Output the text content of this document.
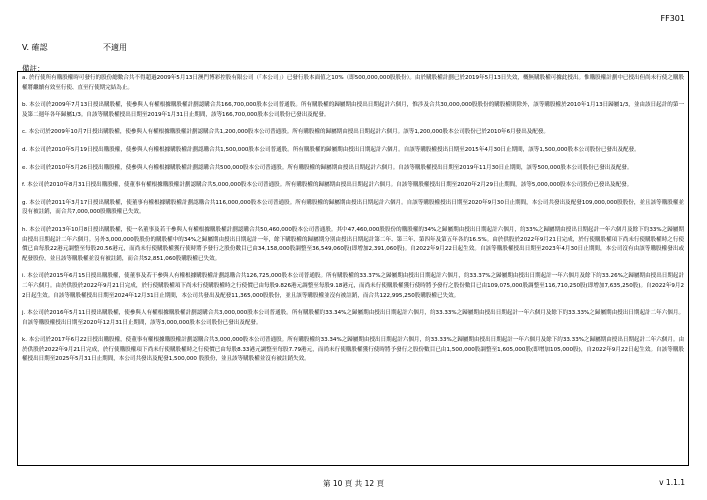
FF301
V. 確認	不適用
備註：

a. 於行使所有購股權時可發行的股份總數合共不得超過2009年5月13日澳門博彩控股有限公司（「本公司」）已發行股本面值之10%（即500,000,000股股份）。由於購股權計劃已於2019年5月13日失效，概無購股權可據此授出。惟購股權計劃中已授出但尚未行使之購股權將繼續有效至行使、直至行使期完結為止。

b. 本公司於2009年7月13日授出購股權，使參與人有權根據購股權計劃認購合共166,700,000股本公司普通股。所有購股權的歸屬期由授出日期起計六個月，惟涉及合共30,000,000股股份的購股權則除外，該等購股權於2010年1月13日歸屬1/3，並由該日起計的第一及第二週年各年歸屬1/3。自該等購股權授出日期至2019年1月31日止期間，該等166,700,000股本公司股份已發出及配發。

c. 本公司於2009年10月7日授出購股權，使參與人有權根據購股權計劃認購合共1,200,000股本公司普通股。所有購股權的歸屬期由授出日期起計六個月。該等1,200,000股本公司股份已於2010年6月發出及配發。

d. 本公司於2010年5月19日授出購股權，使參與人有權根據購股權計劃認購合共1,500,000股本公司普通股。所有購股權的歸屬期由授出日期起計六個月。自該等購股權授出日期至2015年4月30日止期間，該等1,500,000股本公司股份已發出及配發。

e. 本公司於2010年5月26日授出購股權，使參與人有權根據購股權計劃認購合共500,000股本公司普通股。所有購股權的歸屬期由授出日期起計六個月。自該等購股權授出日期至2019年11月30日止期間，該等500,000股本公司股份已發出及配發。

f. 本公司於2010年8月31日授出購股權，使董事有權根據購股權計劃認購合共5,000,000股本公司普通股。所有購股權的歸屬期由授出日期起計六個月。自該等購股權授出日期至2020年2月29日止期間，該等5,000,000股本公司股份已發出及配發。

g. 本公司於2011年3月17日授出購股權，使董事有權根據購股權計劃認購合共116,000,000股本公司普通股。所有購股權的歸屬期由授出日期起計六個月。自該等購股權授出日期至2020年9月30日止期間，本公司共發出及配發109,000,000股股份，並且該等購股權並沒有被註銷，而合共7,000,000股購股權已失效。

h. 本公司於2013年10月8日授出購股權，使一名董事及若干參與人有權根據購股權計劃認購合共50,460,000股本公司普通股。其中47,460,000股股份的購股權的34%之歸屬期由授出日期起計六個月，約33%之歸屬期由授出日期起計一年六個月及餘下約33%之歸屬期由授出日期起計二年六個月。另外3,000,000股股份的購股權中的34%之歸屬期由授出日期起計一年，餘下購股權的歸屬期分別由授出日期起計第二年、第三年、第四年及第五年各約16.5%。由於供股於2022年9月21日完成，於行使購股權項下尚未行使購股權時之行使價已由每股22港元調整至每股20.56港元，而尚未行使購股權獲行使時將予發行之股份數目已由34,158,000股調整至36,549,060股(即增加2,391,060股)。自2022年9月22日起生效。自該等購股權授出日期至2023年4月30日止期間，本公司沒有由該等購股權發出或配發股份，並且該等購股權並沒有被註銷，而合共52,851,060股購股權已失效。

i. 本公司於2015年6月15日授出購股權，使董事及若干參與人有權根據購股權計劃認購合共126,725,000股本公司普通股。所有購股權的33.37%之歸屬期由授出日期起計六個月，約33.37%之歸屬期由授出日期起計一年六個月及餘下約33.26%之歸屬期由授出日期起計二年六個月。由於供股於2022年9月21日完成，於行使購股權項下尚未行使購股權時之行使價已由每股9.826港元調整至每股9.18港元，而尚未行使購股權獲行使時將予發行之股份數目已由109,075,000股調整至116,710,250股(即增加7,635,250股)。自2022年9月22日起生效。自該等購股權授出日期至2024年12月31日止期間，本公司共發出及配發11,365,000股股份，並且該等購股權並沒有被註銷，而合共122,995,250股購股權已失效。

j. 本公司於2016年5月11日授出購股權，使參與人有權根據購股權計劃認購合共3,000,000股本公司普通股。所有購股權約33.34%之歸屬期由授出日期起計六個月，約33.33%之歸屬期由授出日期起計一年六個月及餘下約33.33%之歸屬期由授出日期起計二年六個月。自該等購股權授出日期至2020年12月31日止期間，該等3,000,000股本公司股份已發出及配發。

k. 本公司於2017年6月22日授出購股權，使董事有權根據購股權計劃認購合共3,000,000股本公司普通股。所有購股權約33.34%之歸屬期由授出日期起計六個月，約33.33%之歸屬期由授出日期起計一年六個月及餘下約33.33%之歸屬期由授出日期起計二年六個月。由於供股於2022年9月21日完成，於行使購股權項下尚未行使購股權時之行使價已由每股8.33港元調整至每股7.79港元，而尚未行使購股權獲行使時將予發行之股份數目已由1,500,000股調整至1,605,000股(即增加105,000股)，自2022年9月22日起生效。自該等購股權授出日期至2025年5月31日止期間，本公司共發出及配發1,500,000 股股份，並且該等購股權並沒有被註銷失效。

第 10 頁 共 12 頁	v 1.1.1
